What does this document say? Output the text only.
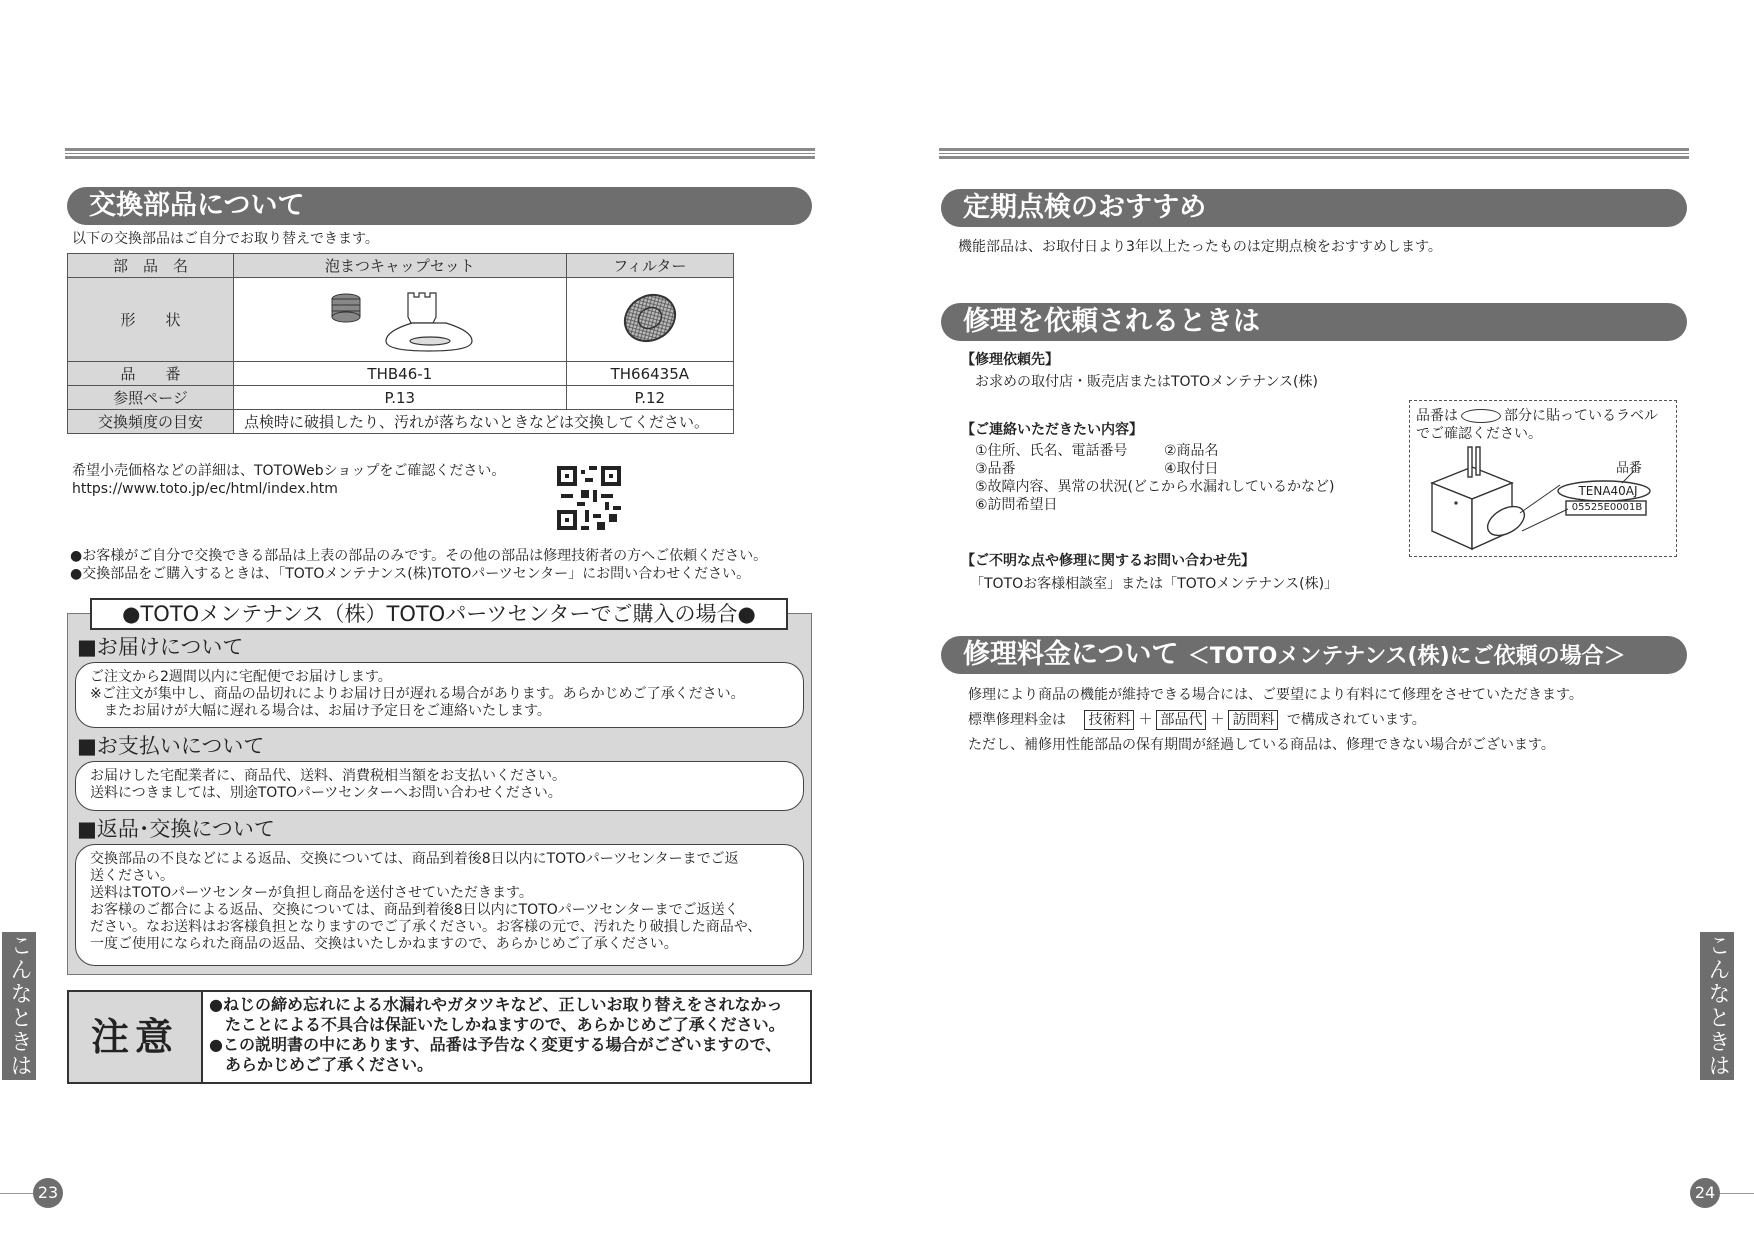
交換部品について
以下の交換部品はご自分でお取り替えできます。
部　品　名	泡まつキャップセット	フィルター
形　　状		
品　　番	THB46-1	TH66435A
参照ページ	P.13	P.12
交換頻度の目安	点検時に破損したり、汚れが落ちないときなどは交換してください。	
希望小売価格などの詳細は、TOTOWebショップをご確認ください。
https://www.toto.jp/ec/html/index.htm
●お客様がご自分で交換できる部品は上表の部品のみです。その他の部品は修理技術者の方へご依頼ください。
●交換部品をご購入するときは、「TOTOメンテナンス(株)TOTOパーツセンター」にお問い合わせください。
●TOTOメンテナンス（株）TOTOパーツセンターでご購入の場合●
■お届けについて
ご注文から2週間以内に宅配便でお届けします。
※ご注文が集中し、商品の品切れによりお届け日が遅れる場合があります。あらかじめご了承ください。
　またお届けが大幅に遅れる場合は、お届け予定日をご連絡いたします。
■お支払いについて
お届けした宅配業者に、商品代、送料、消費税相当額をお支払いください。
送料につきましては、別途TOTOパーツセンターへお問い合わせください。
■返品･交換について
交換部品の不良などによる返品、交換については、商品到着後8日以内にTOTOパーツセンターまでご返
送ください。
送料はTOTOパーツセンターが負担し商品を送付させていただきます。
お客様のご都合による返品、交換については、商品到着後8日以内にTOTOパーツセンターまでご返送く
ださい。なお送料はお客様負担となりますのでご了承ください。お客様の元で、汚れたり破損した商品や、
一度ご使用になられた商品の返品、交換はいたしかねますので、あらかじめご了承ください。
注意
●ねじの締め忘れによる水漏れやガタツキなど、正しいお取り替えをされなかっ
　たことによる不具合は保証いたしかねますので、あらかじめご了承ください。
●この説明書の中にあります、品番は予告なく変更する場合がございますので、
　あらかじめご了承ください。
こんなときは
23
定期点検のおすすめ
機能部品は、お取付日より3年以上たったものは定期点検をおすすめします。
修理を依頼されるときは
【修理依頼先】
お求めの取付店・販売店またはTOTOメンテナンス(株)
【ご連絡いただきたい内容】
①住所、氏名、電話番号	②商品名
③品番	④取付日
⑤故障内容、異常の状況(どこから水漏れしているかなど)
⑥訪問希望日
品番は	部分に貼っているラベル
でご確認ください。
品番
TENA40AJ
05525E0001B
【ご不明な点や修理に関するお問い合わせ先】
「TOTOお客様相談室」または「TOTOメンテナンス(株)」
修理料金について ＜TOTOメンテナンス(株)にご依頼の場合＞
修理により商品の機能が維持できる場合には、ご要望により有料にて修理をさせていただきます。
標準修理料金は 技術料 ＋ 部品代 ＋ 訪問料 で構成されています。
ただし、補修用性能部品の保有期間が経過している商品は、修理できない場合がございます。
こんなときは
24
